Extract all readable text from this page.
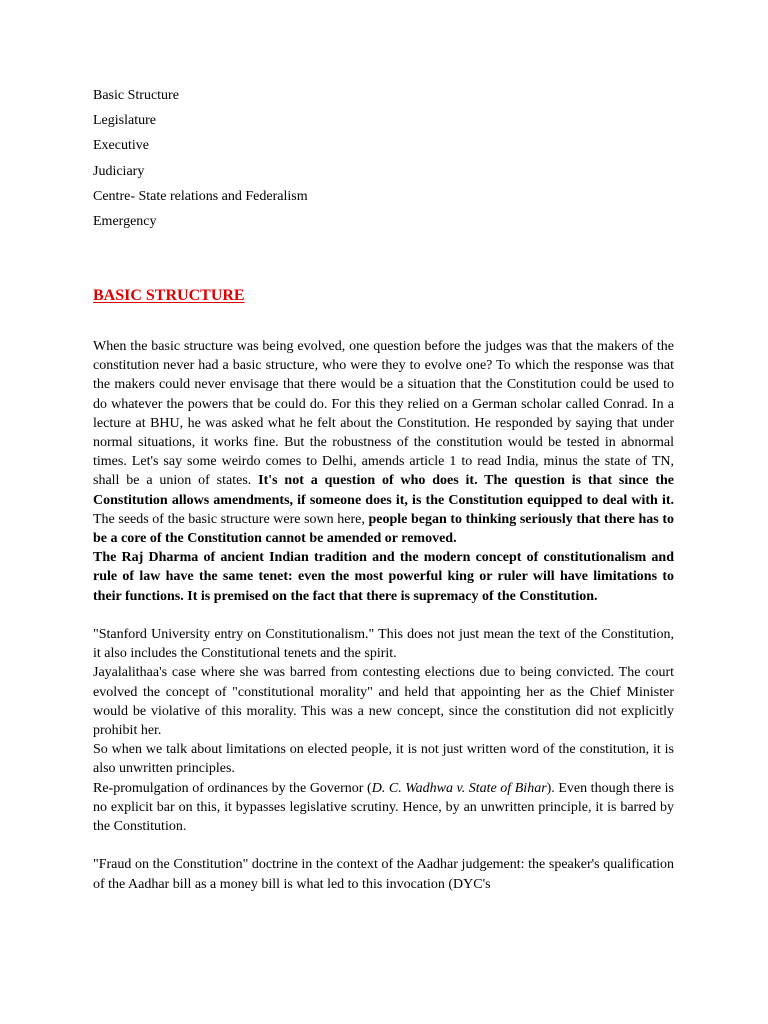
Basic Structure
Legislature
Executive
Judiciary
Centre- State relations and Federalism
Emergency
BASIC STRUCTURE

When the basic structure was being evolved, one question before the judges was that the makers of the constitution never had a basic structure, who were they to evolve one? To which the response was that the makers could never envisage that there would be a situation that the Constitution could be used to do whatever the powers that be could do. For this they relied on a German scholar called Conrad. In a lecture at BHU, he was asked what he felt about the Constitution. He responded by saying that under normal situations, it works fine. But the robustness of the constitution would be tested in abnormal times. Let's say some weirdo comes to Delhi, amends article 1 to read India, minus the state of TN, shall be a union of states. It's not a question of who does it. The question is that since the Constitution allows amendments, if someone does it, is the Constitution equipped to deal with it. The seeds of the basic structure were sown here, people began to thinking seriously that there has to be a core of the Constitution cannot be amended or removed.

The Raj Dharma of ancient Indian tradition and the modern concept of constitutionalism and rule of law have the same tenet: even the most powerful king or ruler will have limitations to their functions. It is premised on the fact that there is supremacy of the Constitution.

"Stanford University entry on Constitutionalism." This does not just mean the text of the Constitution, it also includes the Constitutional tenets and the spirit.

Jayalalithaa's case where she was barred from contesting elections due to being convicted. The court evolved the concept of "constitutional morality" and held that appointing her as the Chief Minister would be violative of this morality. This was a new concept, since the constitution did not explicitly prohibit her.

So when we talk about limitations on elected people, it is not just written word of the constitution, it is also unwritten principles.

Re-promulgation of ordinances by the Governor (D. C. Wadhwa v. State of Bihar). Even though there is no explicit bar on this, it bypasses legislative scrutiny. Hence, by an unwritten principle, it is barred by the Constitution.

"Fraud on the Constitution" doctrine in the context of the Aadhar judgement: the speaker's qualification of the Aadhar bill as a money bill is what led to this invocation (DYC's
